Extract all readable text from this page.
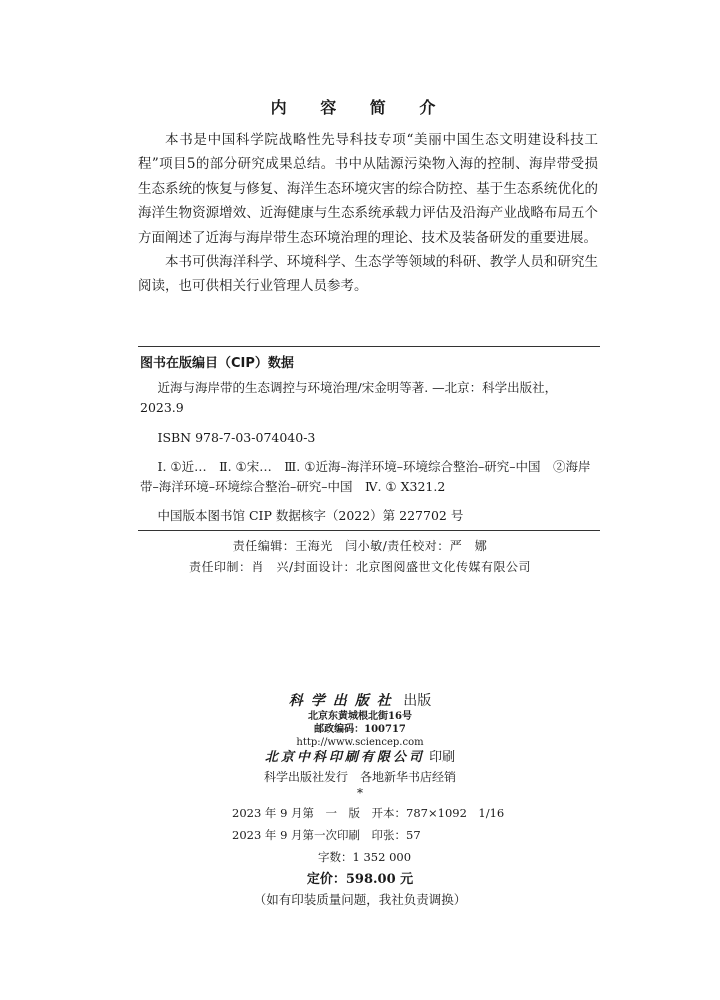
内 容 简 介

本书是中国科学院战略性先导科技专项“美丽中国生态文明建设科技工程”项目5的部分研究成果总结。书中从陆源污染物入海的控制、海岸带受损生态系统的恢复与修复、海洋生态环境灾害的综合防控、基于生态系统优化的海洋生物资源增效、近海健康与生态系统承载力评估及沿海产业战略布局五个方面阐述了近海与海岸带生态环境治理的理论、技术及装备研发的重要进展。

本书可供海洋科学、环境科学、生态学等领域的科研、教学人员和研究生阅读，也可供相关行业管理人员参考。

图书在版编目（CIP）数据
近海与海岸带的生态调控与环境治理/宋金明等著. —北京：科学出版社，2023.9
ISBN 978-7-03-074040-3
Ⅰ. ①近…　Ⅱ. ①宋…　Ⅲ. ①近海–海洋环境–环境综合整治–研究–中国　②海岸带–海洋环境–环境综合整治–研究–中国　Ⅳ. ① X321.2
中国版本图书馆 CIP 数据核字（2022）第 227702 号
责任编辑：王海光　闫小敏/责任校对：严　娜
责任印制：肖　兴/封面设计：北京图阅盛世文化传媒有限公司
科学出版社 出版
北京东黄城根北街16号
邮政编码：100717
http://www.sciencep.com
北京中科印刷有限公司 印刷
科学出版社发行　各地新华书店经销
*
2023 年 9 月第　一　版　开本：787×1092　1/16
2023 年 9 月第一次印刷　印张：57
字数：1 352 000
定价：598.00 元
（如有印装质量问题，我社负责调换）
